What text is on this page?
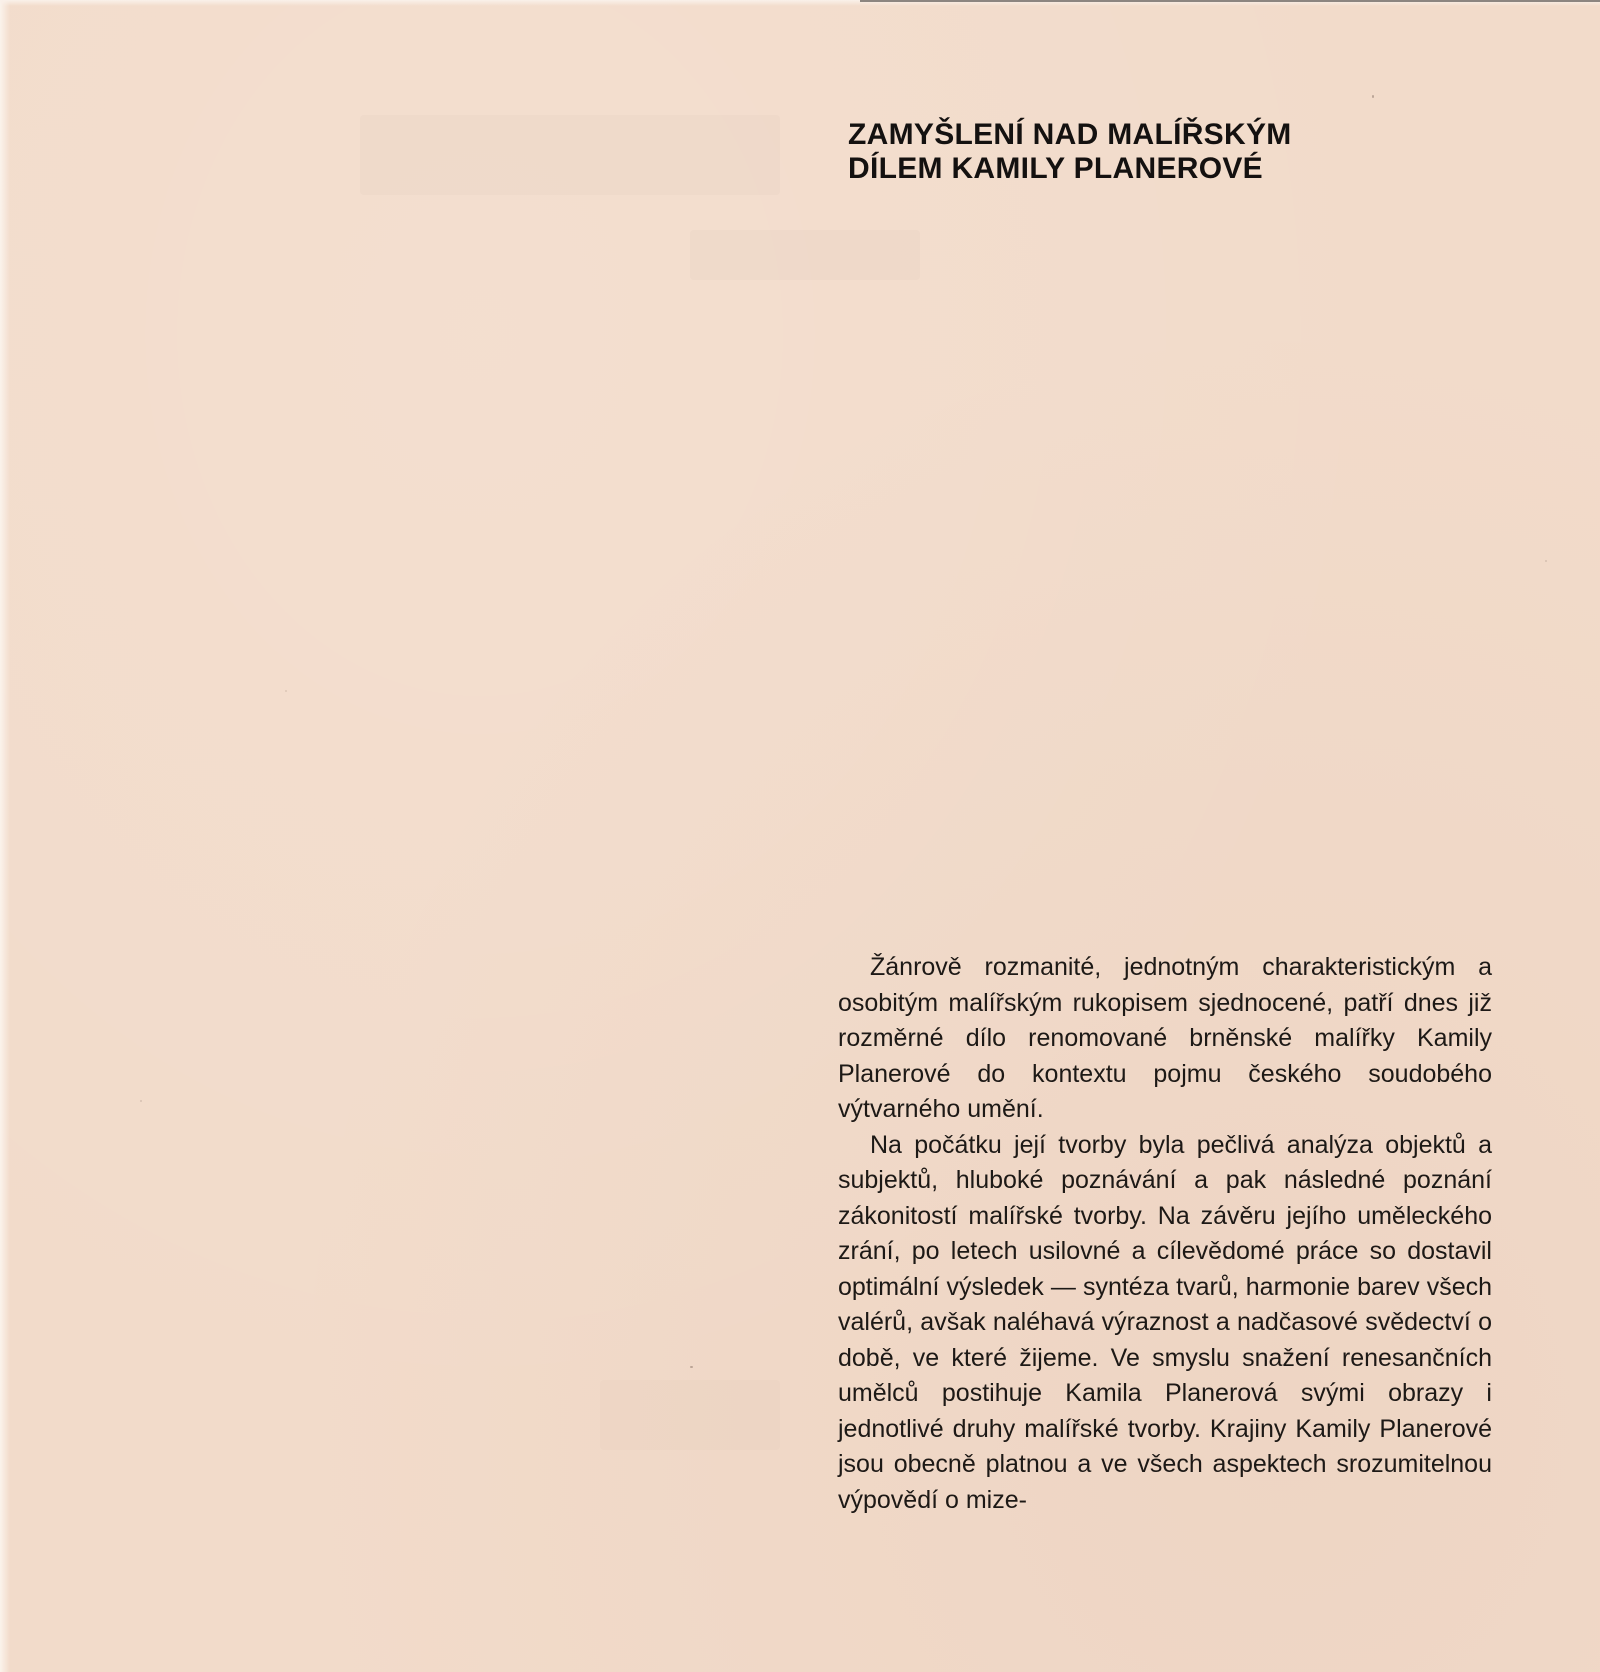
ZAMYŠLENÍ NAD MALÍŘSKÝM
DÍLEM KAMILY PLANEROVÉ

Žánrově rozmanité, jednotným charakteristickým a osobitým malířským rukopisem sjednocené, patří dnes již rozměrné dílo renomované brněnské malířky Kamily Planerové do kontextu pojmu českého soudobého výtvarného umění.

Na počátku její tvorby byla pečlivá analýza objektů a subjektů, hluboké poznávání a pak následné poznání zákonitostí malířské tvorby. Na závěru jejího uměleckého zrání, po letech usilovné a cílevědomé práce so dostavil optimální výsledek — syntéza tvarů, harmonie barev všech valérů, avšak naléhavá výraznost a nadčasové svědectví o době, ve které žijeme. Ve smyslu snažení renesančních umělců postihuje Kamila Planerová svými obrazy i jednotlivé druhy malířské tvorby. Krajiny Kamily Planerové jsou obecně platnou a ve všech aspektech srozumitelnou výpovědí o mize-
